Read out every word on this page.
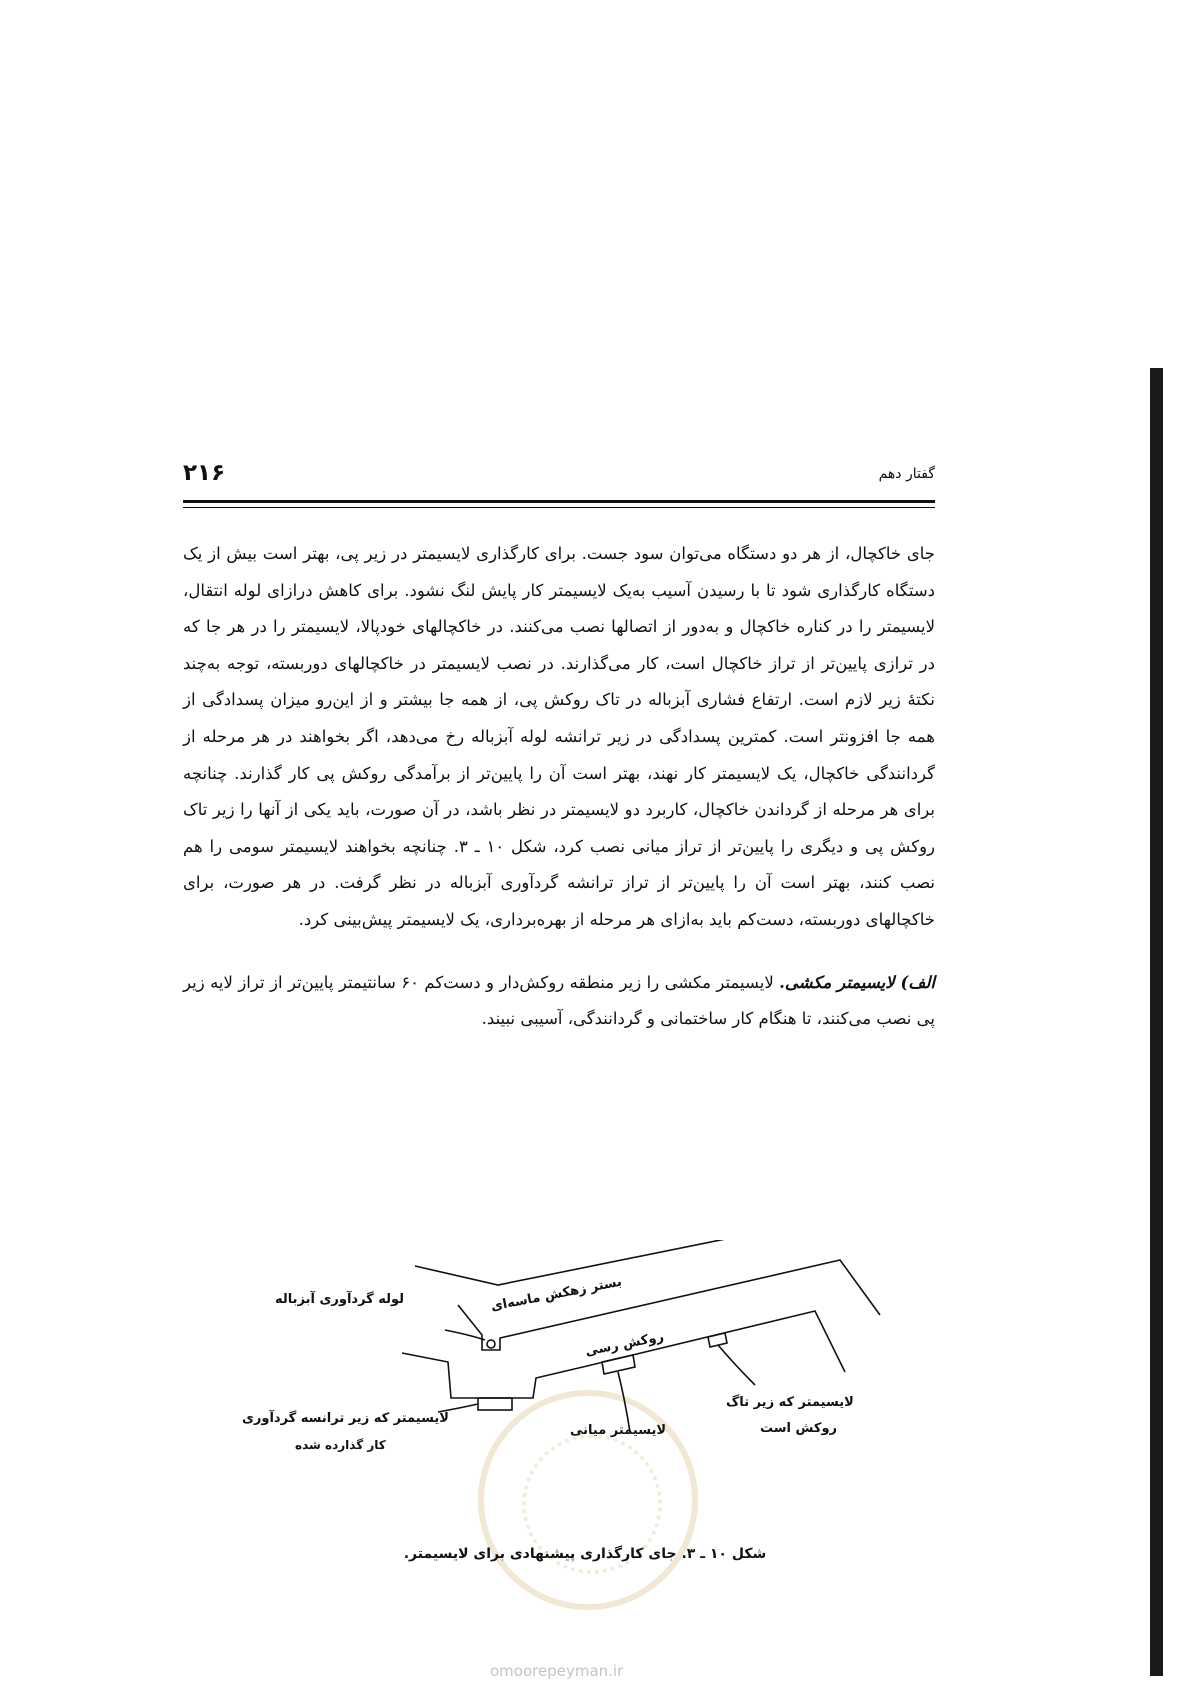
۲۱۶	گفتار دهم

جای خاکچال، از هر دو دستگاه می‌توان سود جست. برای کارگذاری لایسیمتر در زیر پی، بهتر است بیش از یک دستگاه کارگذاری شود تا با رسیدن آسیب به‌یک لایسیمتر کار پایش لنگ نشود. برای کاهش درازای لوله انتقال، لایسیمتر را در کناره خاکچال و به‌دور از اتصالها نصب می‌کنند. در خاکچالهای خودپالا، لایسیمتر را در هر جا که در ترازی پایین‌تر از تراز خاکچال است، کار می‌گذارند. در نصب لایسیمتر در خاکچالهای دوربسته، توجه به‌چند نکتهٔ زیر لازم است. ارتفاع فشاری آبزباله در تاک روکش پی، از همه جا بیشتر و از این‌رو میزان پسدادگی از همه جا افزونتر است. کمترین پسدادگی در زیر ترانشه لوله آبزباله رخ می‌دهد، اگر بخواهند در هر مرحله از گردانندگی خاکچال، یک لایسیمتر کار نهند، بهتر است آن را پایین‌تر از برآمدگی روکش پی کار گذارند. چنانچه برای هر مرحله از گرداندن خاکچال، کاربرد دو لایسیمتر در نظر باشد، در آن صورت، باید یکی از آنها را زیر تاک روکش پی و دیگری را پایین‌تر از تراز میانی نصب کرد، شکل ۱۰ ـ ۳. چنانچه بخواهند لایسیمتر سومی را هم نصب کنند، بهتر است آن را پایین‌تر از تراز ترانشه گردآوری آبزباله در نظر گرفت. در هر صورت، برای خاکچالهای دوربسته، دست‌کم باید به‌ازای هر مرحله از بهره‌برداری، یک لایسیمتر پیش‌بینی کرد.

الف) لایسیمتر مکشی. لایسیمتر مکشی را زیر منطقه روکش‌دار و دست‌کم ۶۰ سانتیمتر پایین‌تر از تراز لایه زیر پی نصب می‌کنند، تا هنگام کار ساختمانی و گردانندگی، آسیبی نبیند.

بستر زهکش ماسه‌ای
روکش رسی
لوله گردآوری آبزباله
لایسیمتر که زیر ترانسه گردآوری
کار گذارده شده
لایسیمتر میانی
لایسیمتر که زیر تاگ
روکش است
شکل ۱۰ ـ ۳. جای کارگذاری پیشنهادی برای لایسیمتر.
omoorepeyman.ir
